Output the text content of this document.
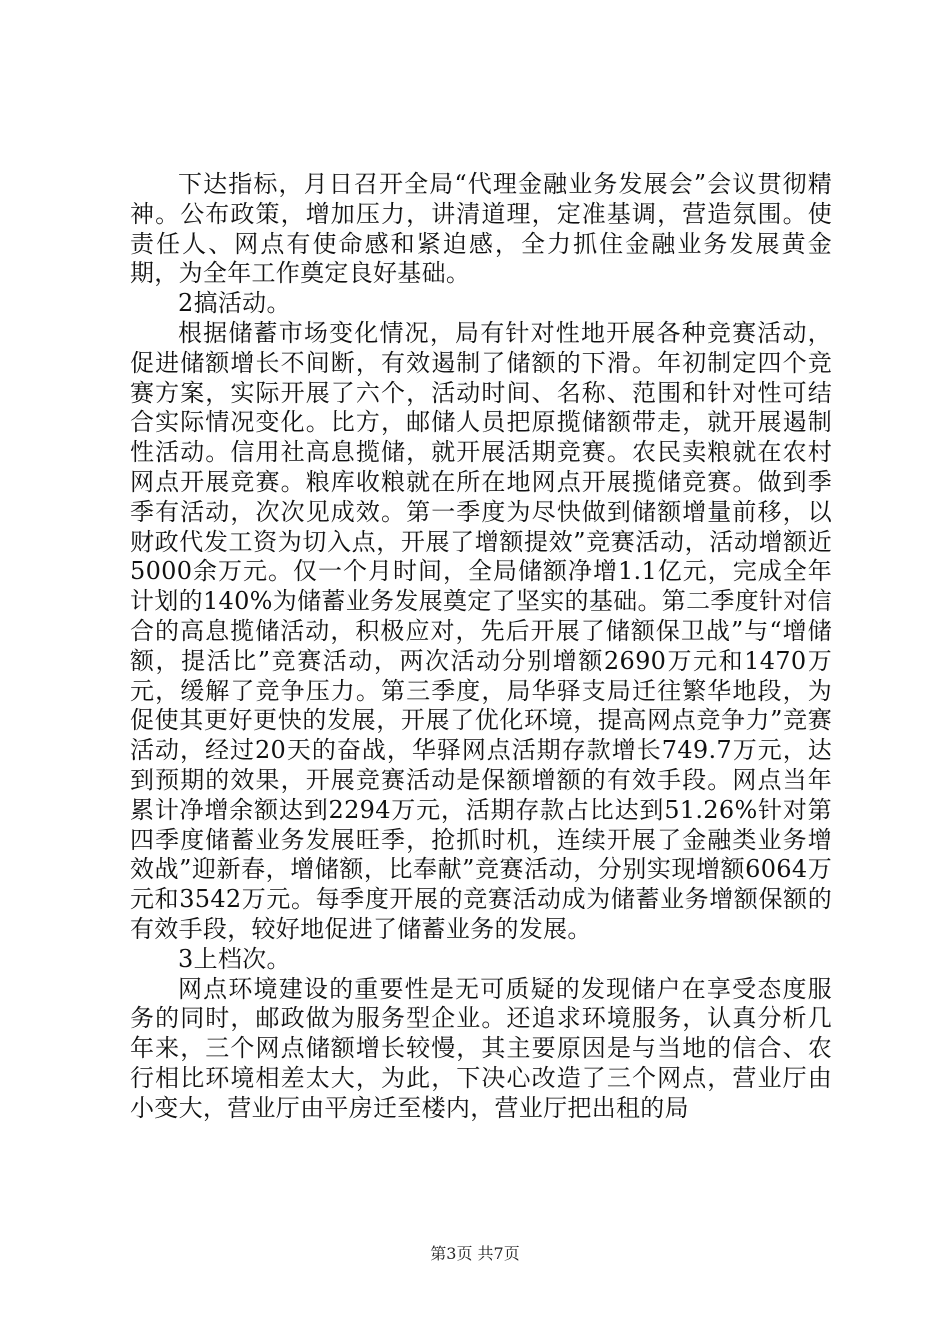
下达指标，月日召开全局“代理金融业务发展会”会议贯彻精神。公布政策，增加压力，讲清道理，定准基调，营造氛围。使责任人、网点有使命感和紧迫感，全力抓住金融业务发展黄金期，为全年工作奠定良好基础。

2搞活动。

根据储蓄市场变化情况，局有针对性地开展各种竞赛活动，促进储额增长不间断，有效遏制了储额的下滑。年初制定四个竞赛方案，实际开展了六个，活动时间、名称、范围和针对性可结合实际情况变化。比方，邮储人员把原揽储额带走，就开展遏制性活动。信用社高息揽储，就开展活期竞赛。农民卖粮就在农村网点开展竞赛。粮库收粮就在所在地网点开展揽储竞赛。做到季季有活动，次次见成效。第一季度为尽快做到储额增量前移，以财政代发工资为切入点，开展了增额提效”竞赛活动，活动增额近5000余万元。仅一个月时间，全局储额净增1.1亿元，完成全年计划的140%为储蓄业务发展奠定了坚实的基础。第二季度针对信合的高息揽储活动，积极应对，先后开展了储额保卫战”与“增储额，提活比”竞赛活动，两次活动分别增额2690万元和1470万元，缓解了竞争压力。第三季度，局华驿支局迁往繁华地段，为促使其更好更快的发展，开展了优化环境，提高网点竞争力”竞赛活动，经过20天的奋战，华驿网点活期存款增长749.7万元，达到预期的效果，开展竞赛活动是保额增额的有效手段。网点当年累计净增余额达到2294万元，活期存款占比达到51.26%针对第四季度储蓄业务发展旺季，抢抓时机，连续开展了金融类业务增效战”迎新春，增储额，比奉献”竞赛活动，分别实现增额6064万元和3542万元。每季度开展的竞赛活动成为储蓄业务增额保额的有效手段，较好地促进了储蓄业务的发展。

3上档次。

网点环境建设的重要性是无可质疑的发现储户在享受态度服务的同时，邮政做为服务型企业。还追求环境服务，认真分析几年来，三个网点储额增长较慢，其主要原因是与当地的信合、农行相比环境相差太大，为此，下决心改造了三个网点，营业厅由小变大，营业厅由平房迁至楼内，营业厅把出租的局

第3页 共7页
